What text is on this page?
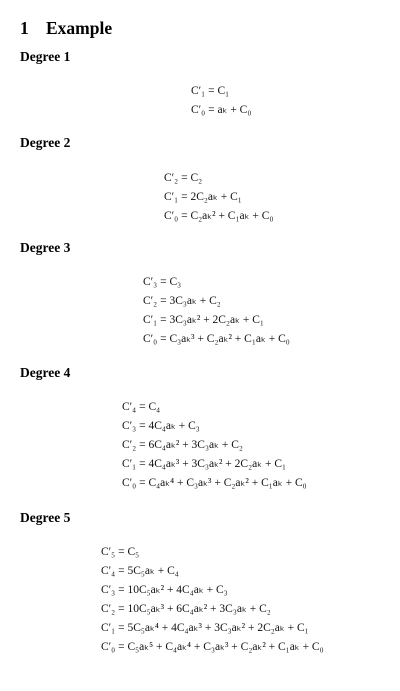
1 Example
Degree 1
C′₁ = C₁
C′₀ = aₖ + C₀
Degree 2
C′₂ = C₂
C′₁ = 2C₂aₖ + C₁
C′₀ = C₂aₖ² + C₁aₖ + C₀
Degree 3
C′₃ = C₃
C′₂ = 3C₃aₖ + C₂
C′₁ = 3C₃aₖ² + 2C₂aₖ + C₁
C′₀ = C₃aₖ³ + C₂aₖ² + C₁aₖ + C₀
Degree 4
C′₄ = C₄
C′₃ = 4C₄aₖ + C₃
C′₂ = 6C₄aₖ² + 3C₃aₖ + C₂
C′₁ = 4C₄aₖ³ + 3C₃aₖ² + 2C₂aₖ + C₁
C′₀ = C₄aₖ⁴ + C₃aₖ³ + C₂aₖ² + C₁aₖ + C₀
Degree 5
C′₅ = C₅
C′₄ = 5C₅aₖ + C₄
C′₃ = 10C₅aₖ² + 4C₄aₖ + C₃
C′₂ = 10C₅aₖ³ + 6C₄aₖ² + 3C₃aₖ + C₂
C′₁ = 5C₅aₖ⁴ + 4C₄aₖ³ + 3C₃aₖ² + 2C₂aₖ + C₁
C′₀ = C₅aₖ⁵ + C₄aₖ⁴ + C₃aₖ³ + C₂aₖ² + C₁aₖ + C₀
